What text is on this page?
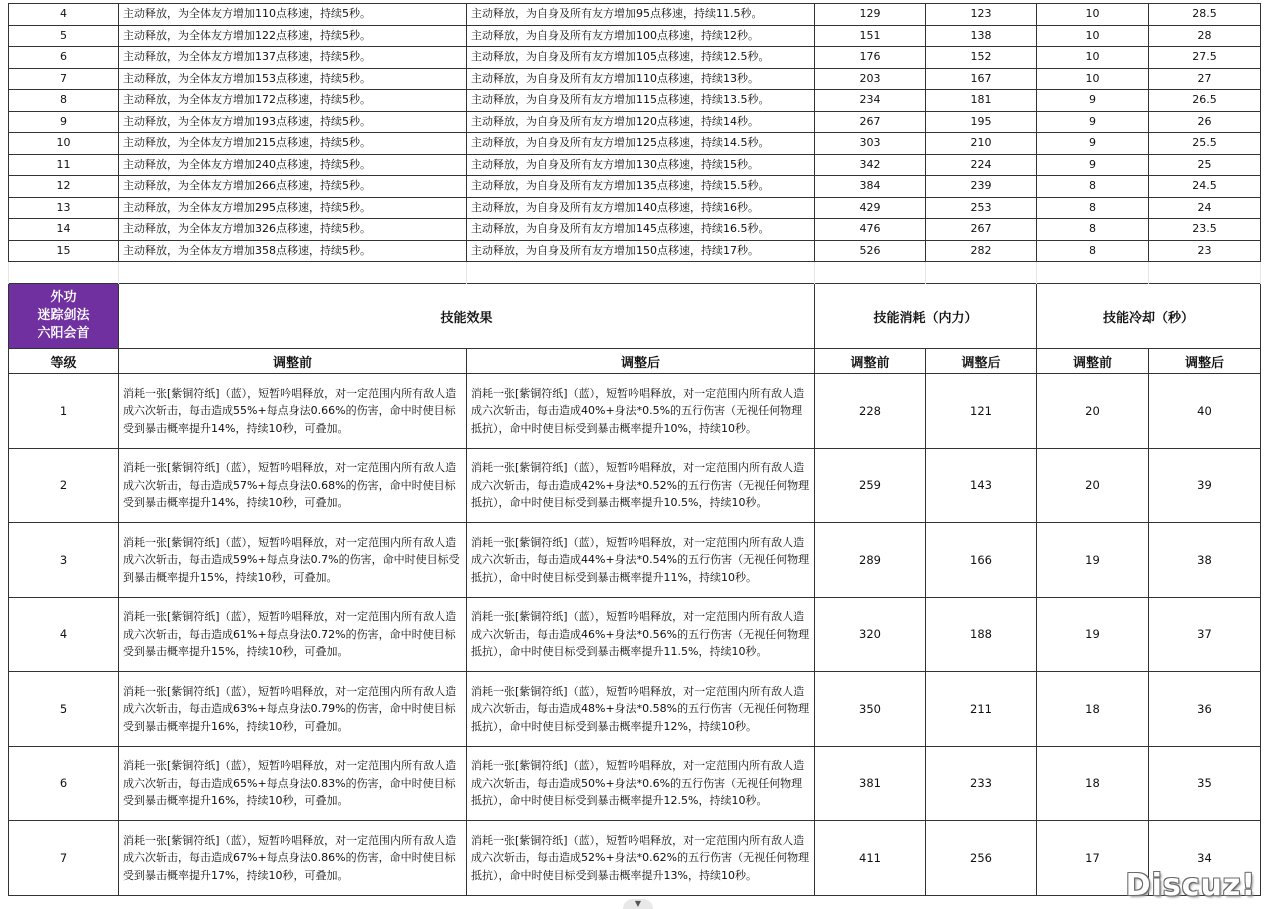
4	主动释放，为全体友方增加110点移速，持续5秒。	主动释放，为自身及所有友方增加95点移速，持续11.5秒。	129	123	10	28.5
5	主动释放，为全体友方增加122点移速，持续5秒。	主动释放，为自身及所有友方增加100点移速，持续12秒。	151	138	10	28
6	主动释放，为全体友方增加137点移速，持续5秒。	主动释放，为自身及所有友方增加105点移速，持续12.5秒。	176	152	10	27.5
7	主动释放，为全体友方增加153点移速，持续5秒。	主动释放，为自身及所有友方增加110点移速，持续13秒。	203	167	10	27
8	主动释放，为全体友方增加172点移速，持续5秒。	主动释放，为自身及所有友方增加115点移速，持续13.5秒。	234	181	9	26.5
9	主动释放，为全体友方增加193点移速，持续5秒。	主动释放，为自身及所有友方增加120点移速，持续14秒。	267	195	9	26
10	主动释放，为全体友方增加215点移速，持续5秒。	主动释放，为自身及所有友方增加125点移速，持续14.5秒。	303	210	9	25.5
11	主动释放，为全体友方增加240点移速，持续5秒。	主动释放，为自身及所有友方增加130点移速，持续15秒。	342	224	9	25
12	主动释放，为全体友方增加266点移速，持续5秒。	主动释放，为自身及所有友方增加135点移速，持续15.5秒。	384	239	8	24.5
13	主动释放，为全体友方增加295点移速，持续5秒。	主动释放，为自身及所有友方增加140点移速，持续16秒。	429	253	8	24
14	主动释放，为全体友方增加326点移速，持续5秒。	主动释放，为自身及所有友方增加145点移速，持续16.5秒。	476	267	8	23.5
15	主动释放，为全体友方增加358点移速，持续5秒。	主动释放，为自身及所有友方增加150点移速，持续17秒。	526	282	8	23

外功
迷踪剑法
六阳会首	技能效果		技能消耗（内力）		技能冷却（秒）	
等级	调整前	调整后	调整前	调整后	调整前	调整后
1	消耗一张[紫铜符纸]（蓝），短暂吟唱释放，对一定范围内所有敌人造成六次斩击，每击造成55%+每点身法0.66%的伤害，命中时使目标受到暴击概率提升14%，持续10秒，可叠加。	消耗一张[紫铜符纸]（蓝），短暂吟唱释放，对一定范围内所有敌人造成六次斩击，每击造成40%+身法*0.5%的五行伤害（无视任何物理抵抗），命中时使目标受到暴击概率提升10%，持续10秒。	228	121	20	40
2	消耗一张[紫铜符纸]（蓝），短暂吟唱释放，对一定范围内所有敌人造成六次斩击，每击造成57%+每点身法0.68%的伤害，命中时使目标受到暴击概率提升14%，持续10秒，可叠加。	消耗一张[紫铜符纸]（蓝），短暂吟唱释放，对一定范围内所有敌人造成六次斩击，每击造成42%+身法*0.52%的五行伤害（无视任何物理抵抗），命中时使目标受到暴击概率提升10.5%，持续10秒。	259	143	20	39
3	消耗一张[紫铜符纸]（蓝），短暂吟唱释放，对一定范围内所有敌人造成六次斩击，每击造成59%+每点身法0.7%的伤害，命中时使目标受到暴击概率提升15%，持续10秒，可叠加。	消耗一张[紫铜符纸]（蓝），短暂吟唱释放，对一定范围内所有敌人造成六次斩击，每击造成44%+身法*0.54%的五行伤害（无视任何物理抵抗），命中时使目标受到暴击概率提升11%，持续10秒。	289	166	19	38
4	消耗一张[紫铜符纸]（蓝），短暂吟唱释放，对一定范围内所有敌人造成六次斩击，每击造成61%+每点身法0.72%的伤害，命中时使目标受到暴击概率提升15%，持续10秒，可叠加。	消耗一张[紫铜符纸]（蓝），短暂吟唱释放，对一定范围内所有敌人造成六次斩击，每击造成46%+身法*0.56%的五行伤害（无视任何物理抵抗），命中时使目标受到暴击概率提升11.5%，持续10秒。	320	188	19	37
5	消耗一张[紫铜符纸]（蓝），短暂吟唱释放，对一定范围内所有敌人造成六次斩击，每击造成63%+每点身法0.79%的伤害，命中时使目标受到暴击概率提升16%，持续10秒，可叠加。	消耗一张[紫铜符纸]（蓝），短暂吟唱释放，对一定范围内所有敌人造成六次斩击，每击造成48%+身法*0.58%的五行伤害（无视任何物理抵抗），命中时使目标受到暴击概率提升12%，持续10秒。	350	211	18	36
6	消耗一张[紫铜符纸]（蓝），短暂吟唱释放，对一定范围内所有敌人造成六次斩击，每击造成65%+每点身法0.83%的伤害，命中时使目标受到暴击概率提升16%，持续10秒，可叠加。	消耗一张[紫铜符纸]（蓝），短暂吟唱释放，对一定范围内所有敌人造成六次斩击，每击造成50%+身法*0.6%的五行伤害（无视任何物理抵抗），命中时使目标受到暴击概率提升12.5%，持续10秒。	381	233	18	35
7	消耗一张[紫铜符纸]（蓝），短暂吟唱释放，对一定范围内所有敌人造成六次斩击，每击造成67%+每点身法0.86%的伤害，命中时使目标受到暴击概率提升17%，持续10秒，可叠加。	消耗一张[紫铜符纸]（蓝），短暂吟唱释放，对一定范围内所有敌人造成六次斩击，每击造成52%+身法*0.62%的五行伤害（无视任何物理抵抗），命中时使目标受到暴击概率提升13%，持续10秒。	411	256	17	34
Discuz!
▼
